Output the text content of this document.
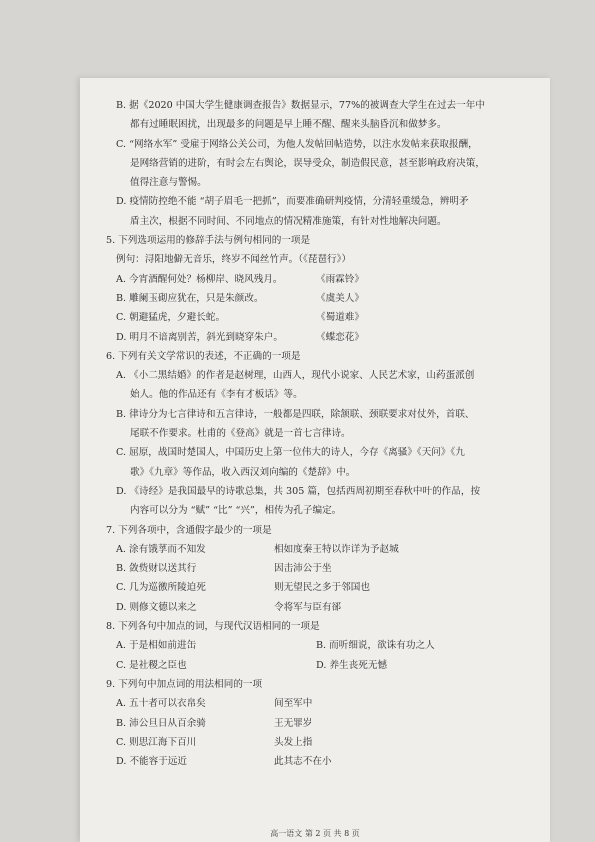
B. 据《2020 中国大学生健康调查报告》数据显示，77%的被调查大学生在过去一年中
都有过睡眠困扰，出现最多的问题是早上睡不醒、醒来头脑昏沉和做梦多。
C. “网络水军” 受雇于网络公关公司，为他人发帖回帖造势，以注水发帖来获取报酬，
是网络营销的进阶，有时会左右舆论，误导受众，制造假民意，甚至影响政府决策，
值得注意与警惕。
D. 疫情防控绝不能 “胡子眉毛一把抓”，而要准确研判疫情，分清轻重缓急，辨明矛
盾主次，根据不同时间、不同地点的情况精准施策，有针对性地解决问题。
5. 下列选项运用的修辞手法与例句相同的一项是
例句：浔阳地僻无音乐，终岁不闻丝竹声。（《琵琶行》）
A. 今宵酒醒何处？杨柳岸、晓风残月。	《雨霖铃》
B. 雕阑玉砌应犹在，只是朱颜改。	《虞美人》
C. 朝避猛虎，夕避长蛇。	《蜀道难》
D. 明月不谙离别苦，斜光到晓穿朱户。	《蝶恋花》
6. 下列有关文学常识的表述，不正确的一项是
A. 《小二黑结婚》的作者是赵树理，山西人，现代小说家、人民艺术家，山药蛋派创
始人。他的作品还有《李有才板话》等。
B. 律诗分为七言律诗和五言律诗，一般都是四联，除颔联、颈联要求对仗外，首联、
尾联不作要求。杜甫的《登高》就是一首七言律诗。
C. 屈原，战国时楚国人，中国历史上第一位伟大的诗人，今存《离骚》《天问》《九
歌》《九章》等作品，收入西汉刘向编的《楚辞》中。
D. 《诗经》是我国最早的诗歌总集，共 305 篇，包括西周初期至春秋中叶的作品，按
内容可以分为 “赋” “比” “兴”，相传为孔子编定。
7. 下列各项中，含通假字最少的一项是
A. 涂有饿莩而不知发	相如度秦王特以诈详为予赵城
B. 敛赀财以送其行	因击沛公于坐
C. 几为巡徼所陵迫死	则无望民之多于邻国也
D. 则修文德以来之	令将军与臣有郤
8. 下列各句中加点的词，与现代汉语相同的一项是
A. 于是相如前进缶	B. 而听细说，欲诛有功之人
C. 是社稷之臣也	D. 养生丧死无憾
9. 下列句中加点词的用法相同的一项
A. 五十者可以衣帛矣	间至军中
B. 沛公旦日从百余骑	王无罪岁
C. 则思江海下百川	头发上指
D. 不能容于远近	此其志不在小
高一语文 第 2 页 共 8 页
